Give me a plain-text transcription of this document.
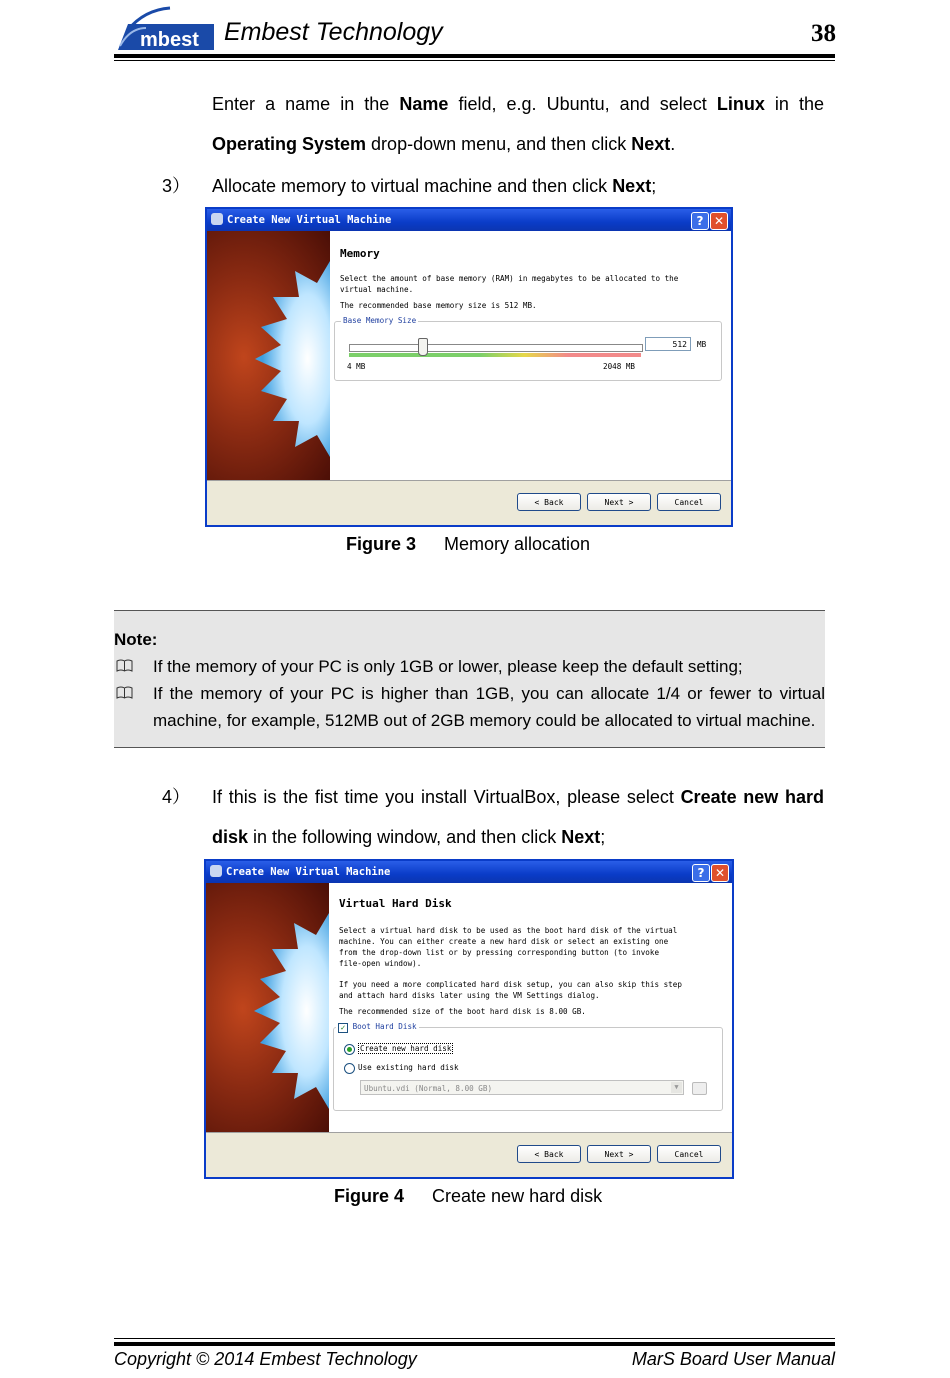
mbest Embest Technology	38
Enter a name in the Name field, e.g. Ubuntu, and select Linux in the
Operating System drop-down menu, and then click Next.
3） Allocate memory to virtual machine and then click Next;
Create New Virtual Machine	? ✕
Memory
Select the amount of base memory (RAM) in megabytes to be allocated to the
virtual machine.
The recommended base memory size is 512 MB.
Base Memory Size
4 MB	2048 MB
512	MB
< Back	Next >	Cancel
Figure 3 Memory allocation
Note:
If the memory of your PC is only 1GB or lower, please keep the default setting;
If the memory of your PC is higher than 1GB, you can allocate 1/4 or fewer to virtual
machine, for example, 512MB out of 2GB memory could be allocated to virtual machine.
4） If this is the fist time you install VirtualBox, please select Create new hard
disk in the following window, and then click Next;
Create New Virtual Machine	? ✕
Virtual Hard Disk
Select a virtual hard disk to be used as the boot hard disk of the virtual
machine. You can either create a new hard disk or select an existing one
from the drop-down list or by pressing corresponding button (to invoke
file-open window).
If you need a more complicated hard disk setup, you can also skip this step
and attach hard disks later using the VM Settings dialog.
The recommended size of the boot hard disk is 8.00 GB.
✓ Boot Hard Disk
Create new hard disk
Use existing hard disk
Ubuntu.vdi (Normal, 8.00 GB)	▼
< Back	Next >	Cancel
Figure 4 Create new hard disk
Copyright © 2014 Embest Technology	MarS Board User Manual
